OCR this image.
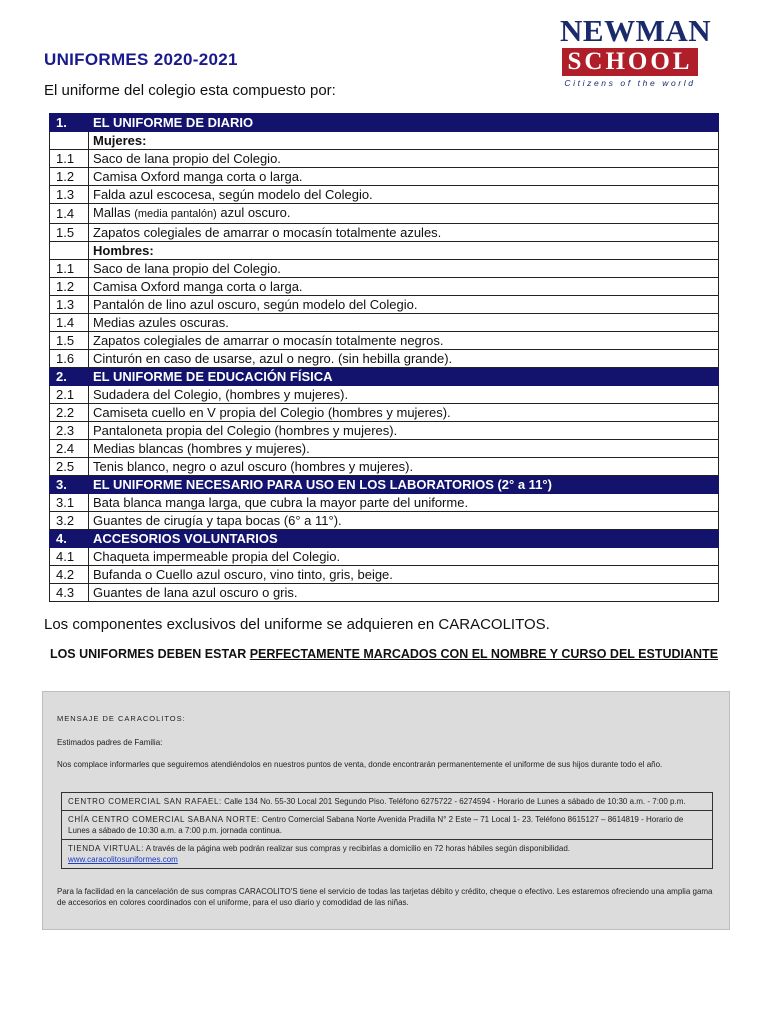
UNIFORMES 2020-2021
El uniforme del colegio esta compuesto por:
NEWMAN
SCHOOL
Citizens of the world
1.	EL UNIFORME DE DIARIO
	Mujeres:
1.1	Saco de lana propio del Colegio.
1.2	Camisa Oxford manga corta o larga.
1.3	Falda azul escocesa, según modelo del Colegio.
1.4	Mallas (media pantalón) azul oscuro.
1.5	Zapatos colegiales de amarrar o mocasín totalmente azules.
	Hombres:
1.1	Saco de lana propio del Colegio.
1.2	Camisa Oxford manga corta o larga.
1.3	Pantalón de lino azul oscuro, según modelo del Colegio.
1.4	Medias azules oscuras.
1.5	Zapatos colegiales de amarrar o mocasín totalmente negros.
1.6	Cinturón en caso de usarse, azul o negro. (sin hebilla grande).
2.	EL UNIFORME DE EDUCACIÓN FÍSICA
2.1	Sudadera del Colegio, (hombres y mujeres).
2.2	Camiseta cuello en V propia del Colegio (hombres y mujeres).
2.3	Pantaloneta propia del Colegio (hombres y mujeres).
2.4	Medias blancas (hombres y mujeres).
2.5	Tenis blanco, negro o azul oscuro (hombres y mujeres).
3.	EL UNIFORME NECESARIO PARA USO EN LOS LABORATORIOS (2° a 11°)
3.1	Bata blanca manga larga, que cubra la mayor parte del uniforme.
3.2	Guantes de cirugía y tapa bocas (6° a 11°).
4.	ACCESORIOS VOLUNTARIOS
4.1	Chaqueta impermeable propia del Colegio.
4.2	Bufanda o Cuello azul oscuro, vino tinto, gris, beige.
4.3	Guantes de lana azul oscuro o gris.
Los componentes exclusivos del uniforme se adquieren en CARACOLITOS.
LOS UNIFORMES DEBEN ESTAR PERFECTAMENTE MARCADOS CON EL NOMBRE Y CURSO DEL ESTUDIANTE
MENSAJE DE CARACOLITOS:
Estimados padres de Familia:
Nos complace informarles que seguiremos atendiéndolos en nuestros puntos de venta, donde encontrarán permanentemente el uniforme de sus hijos durante todo el año.
CENTRO COMERCIAL SAN RAFAEL: Calle 134 No. 55-30 Local 201 Segundo Piso. Teléfono 6275722 - 6274594 - Horario de Lunes a sábado de 10:30 a.m. - 7:00 p.m.
CHÍA CENTRO COMERCIAL SABANA NORTE: Centro Comercial Sabana Norte Avenida Pradilla N° 2 Este – 71 Local 1- 23. Teléfono 8615127 – 8614819 - Horario de Lunes a sábado de 10:30 a.m. a 7:00 p.m. jornada continua.
TIENDA VIRTUAL: A través de la página web podrán realizar sus compras y recibirlas a domicilio en 72 horas hábiles según disponibilidad.
www.caracolitosuniformes.com
Para la facilidad en la cancelación de sus compras CARACOLITO'S tiene el servicio de todas las tarjetas débito y crédito, cheque o efectivo. Les estaremos ofreciendo una amplia gama de accesorios en colores coordinados con el uniforme, para el uso diario y comodidad de las niñas.
